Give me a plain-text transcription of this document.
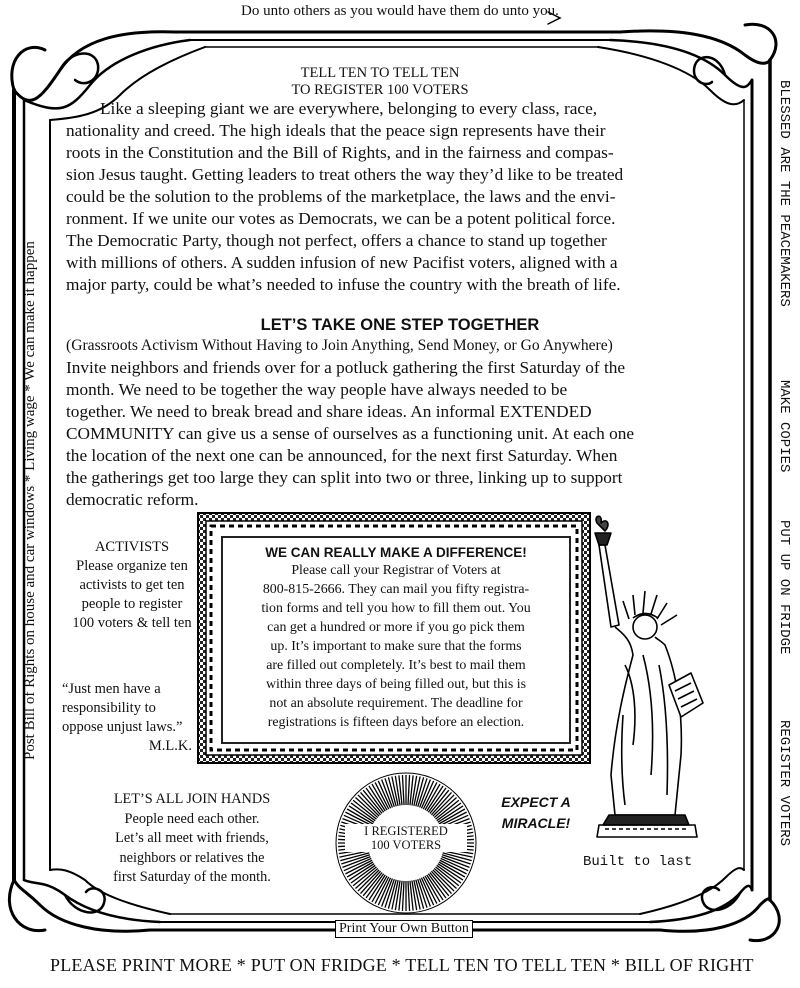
Do unto others as you would have them do unto you.
Post Bill of Rights on house and car windows * Living wage * We can make it happen
BLESSED ARE THE PEACEMAKERS
MAKE COPIES
PUT UP ON FRIDGE
REGISTER VOTERS
TELL TEN TO TELL TEN
TO REGISTER 100 VOTERS
Like a sleeping giant we are everywhere, belonging to every class, race,
nationality and creed. The high ideals that the peace sign represents have their
roots in the Constitution and the Bill of Rights, and in the fairness and compas-
sion Jesus taught. Getting leaders to treat others the way they’d like to be treated
could be the solution to the problems of the marketplace, the laws and the envi-
ronment. If we unite our votes as Democrats, we can be a potent political force.
The Democratic Party, though not perfect, offers a chance to stand up together
with millions of others. A sudden infusion of new Pacifist voters, aligned with a
major party, could be what’s needed to infuse the country with the breath of life.
LET’S TAKE ONE STEP TOGETHER
(Grassroots Activism Without Having to Join Anything, Send Money, or Go Anywhere)
Invite neighbors and friends over for a potluck gathering the first Saturday of the
month. We need to be together the way people have always needed to be
together. We need to break bread and share ideas. An informal EXTENDED
COMMUNITY can give us a sense of ourselves as a functioning unit. At each one
the location of the next one can be announced, for the next first Saturday. When
the gatherings get too large they can split into two or three, linking up to support
democratic reform.
ACTIVISTS
Please organize ten
activists to get ten
people to register
100 voters & tell ten
“Just men have a
responsibility to
oppose unjust laws.”
M.L.K.
WE CAN REALLY MAKE A DIFFERENCE!
Please call your Registrar of Voters at
800-815-2666. They can mail you fifty registra-
tion forms and tell you how to fill them out. You
can get a hundred or more if you go pick them
up. It’s important to make sure that the forms
are filled out completely. It’s best to mail them
within three days of being filled out, but this is
not an absolute requirement. The deadline for
registrations is fifteen days before an election.
Built to last
LET’S ALL JOIN HANDS
People need each other.
Let’s all meet with friends,
neighbors or relatives the
first Saturday of the month.
I REGISTERED
100 VOTERS
EXPECT A
MIRACLE!
Print Your Own Button
PLEASE PRINT MORE * PUT ON FRIDGE * TELL TEN TO TELL TEN * BILL OF RIGHT
